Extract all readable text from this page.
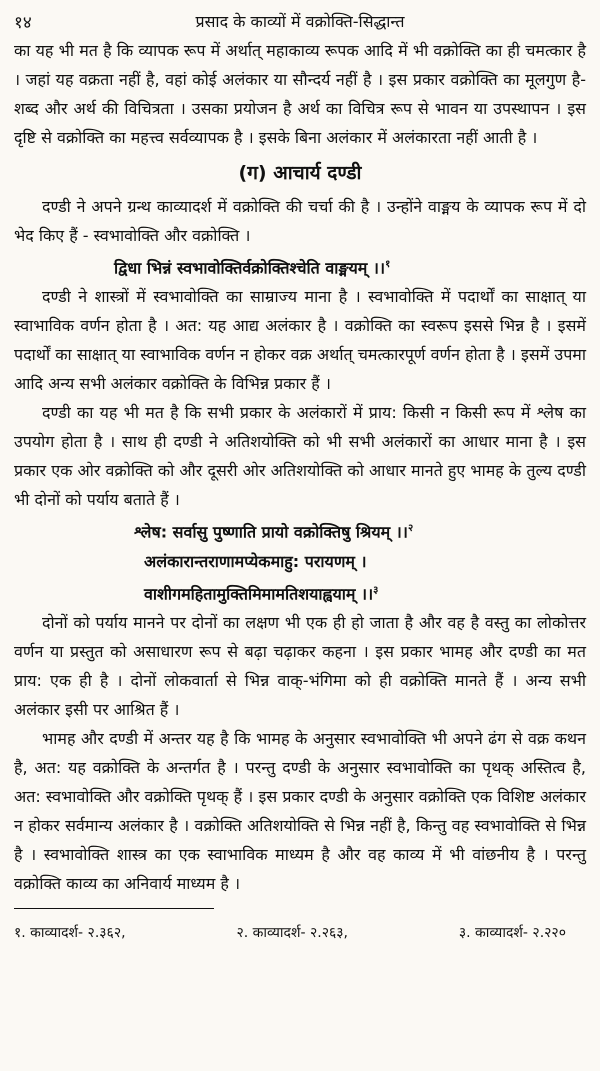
१४	प्रसाद के काव्यों में वक्रोक्ति-सिद्धान्त

का यह भी मत है कि व्यापक रूप में अर्थात् महाकाव्य रूपक आदि में भी वक्रोक्ति का ही चमत्कार है । जहां यह वक्रता नहीं है, वहां कोई अलंकार या सौन्दर्य नहीं है । इस प्रकार वक्रोक्ति का मूलगुण है- शब्द और अर्थ की विचित्रता । उसका प्रयोजन है अर्थ का विचित्र रूप से भावन या उपस्थापन । इस दृष्टि से वक्रोक्ति का महत्त्व सर्वव्यापक है । इसके बिना अलंकार में अलंकारता नहीं आती है ।

(ग) आचार्य दण्डी

दण्डी ने अपने ग्रन्थ काव्यादर्श में वक्रोक्ति की चर्चा की है । उन्होंने वाङ्मय के व्यापक रूप में दो भेद किए हैं - स्वभावोक्ति और वक्रोक्ति ।

द्विधा भिन्नं स्वभावोक्तिर्वक्रोक्तिश्चेति वाङ्मयम् ।।$^१$

दण्डी ने शास्त्रों में स्वभावोक्ति का साम्राज्य माना है । स्वभावोक्ति में पदार्थों का साक्षात् या स्वाभाविक वर्णन होता है । अत: यह आद्य अलंकार है । वक्रोक्ति का स्वरूप इससे भिन्न है । इसमें पदार्थों का साक्षात् या स्वाभाविक वर्णन न होकर वक्र अर्थात् चमत्कारपूर्ण वर्णन होता है । इसमें उपमा आदि अन्य सभी अलंकार वक्रोक्ति के विभिन्न प्रकार हैं ।

दण्डी का यह भी मत है कि सभी प्रकार के अलंकारों में प्राय: किसी न किसी रूप में श्लेष का उपयोग होता है । साथ ही दण्डी ने अतिशयोक्ति को भी सभी अलंकारों का आधार माना है । इस प्रकार एक ओर वक्रोक्ति को और दूसरी ओर अतिशयोक्ति को आधार मानते हुए भामह के तुल्य दण्डी भी दोनों को पर्याय बताते हैं ।

श्लेष: सर्वासु पुष्णाति प्रायो वक्रोक्तिषु श्रियम् ।।$^२$

अलंकारान्तराणामप्येकमाहु: परायणम् ।

वाशीगमहितामुक्तिमिमामतिशयाह्वयाम् ।।$^३$

दोनों को पर्याय मानने पर दोनों का लक्षण भी एक ही हो जाता है और वह है वस्तु का लोकोत्तर वर्णन या प्रस्तुत को असाधारण रूप से बढ़ा चढ़ाकर कहना । इस प्रकार भामह और दण्डी का मत प्राय: एक ही है । दोनों लोकवार्ता से भिन्न वाक्-भंगिमा को ही वक्रोक्ति मानते हैं । अन्य सभी अलंकार इसी पर आश्रित हैं ।

भामह और दण्डी में अन्तर यह है कि भामह के अनुसार स्वभावोक्ति भी अपने ढंग से वक्र कथन है, अत: यह वक्रोक्ति के अन्तर्गत है । परन्तु दण्डी के अनुसार स्वभावोक्ति का पृथक् अस्तित्व है, अत: स्वभावोक्ति और वक्रोक्ति पृथक् हैं । इस प्रकार दण्डी के अनुसार वक्रोक्ति एक विशिष्ट अलंकार न होकर सर्वमान्य अलंकार है । वक्रोक्ति अतिशयोक्ति से भिन्न नहीं है, किन्तु वह स्वभावोक्ति से भिन्न है । स्वभावोक्ति शास्त्र का एक स्वाभाविक माध्यम है और वह काव्य में भी वांछनीय है । परन्तु वक्रोक्ति काव्य का अनिवार्य माध्यम है ।

१. काव्यादर्श- २.३६२,	२. काव्यादर्श- २.२६३,	३. काव्यादर्श- २.२२०
